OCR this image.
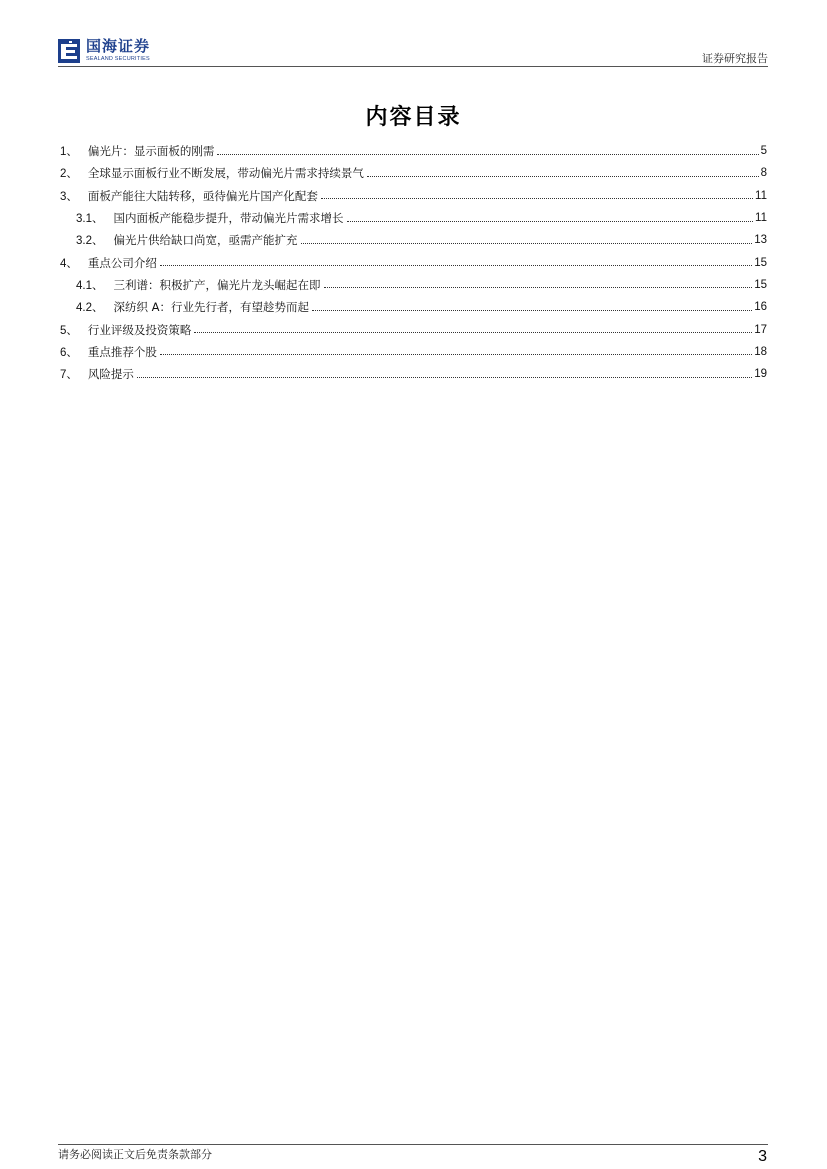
国海证券
SEALAND SECURITIES	证券研究报告
内容目录
1、 偏光片：显示面板的刚需	5
2、 全球显示面板行业不断发展，带动偏光片需求持续景气	8
3、 面板产能往大陆转移，亟待偏光片国产化配套	11
3.1、 国内面板产能稳步提升，带动偏光片需求增长	11
3.2、 偏光片供给缺口尚宽，亟需产能扩充	13
4、 重点公司介绍	15
4.1、 三利谱：积极扩产，偏光片龙头崛起在即	15
4.2、 深纺织 A：行业先行者，有望趁势而起	16
5、 行业评级及投资策略	17
6、 重点推荐个股	18
7、 风险提示	19
请务必阅读正文后免责条款部分	3
